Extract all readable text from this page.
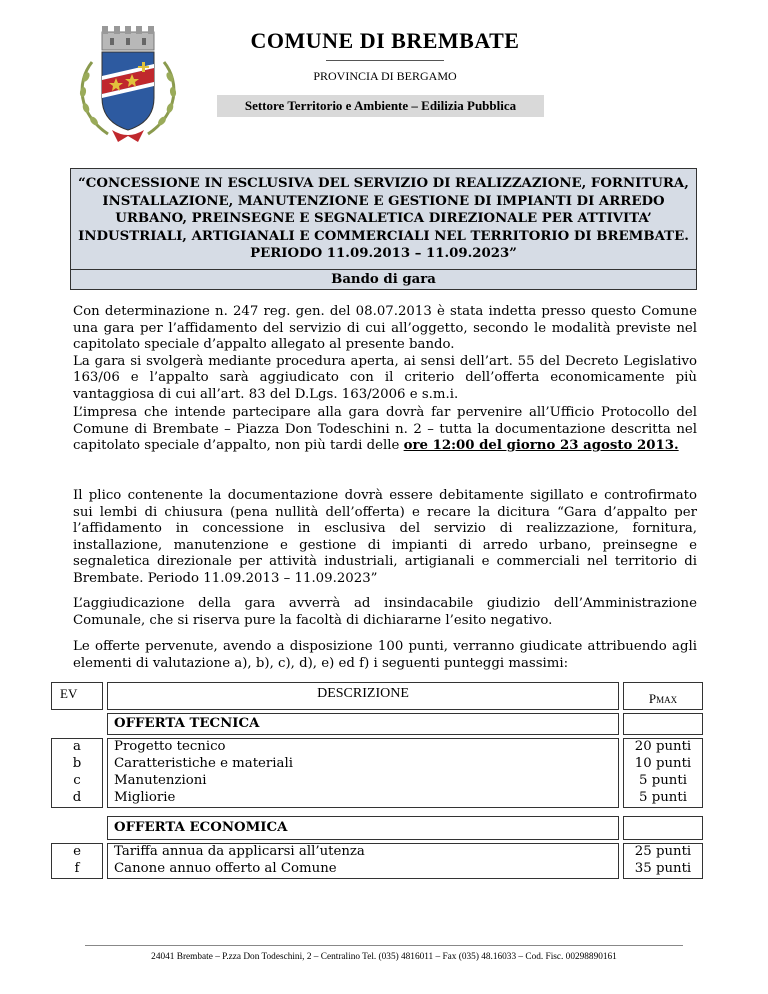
COMUNE DI BREMBATE
PROVINCIA DI BERGAMO
Settore Territorio e Ambiente – Edilizia Pubblica
“CONCESSIONE IN ESCLUSIVA DEL SERVIZIO DI REALIZZAZIONE, FORNITURA, INSTALLAZIONE, MANUTENZIONE E GESTIONE DI IMPIANTI DI ARREDO URBANO, PREINSEGNE E SEGNALETICA DIREZIONALE PER ATTIVITA’ INDUSTRIALI, ARTIGIANALI E COMMERCIALI NEL TERRITORIO DI BREMBATE. PERIODO 11.09.2013 – 11.09.2023”
Bando di gara

Con determinazione n. 247 reg. gen. del 08.07.2013 è stata indetta presso questo Comune una gara per l’affidamento del servizio di cui all’oggetto, secondo le modalità previste nel capitolato speciale d’appalto allegato al presente bando.

La gara si svolgerà mediante procedura aperta, ai sensi dell’art. 55 del Decreto Legislativo 163/06 e l’appalto sarà aggiudicato con il criterio dell’offerta economicamente più vantaggiosa di cui all’art. 83 del D.Lgs. 163/2006 e s.m.i.

L’impresa che intende partecipare alla gara dovrà far pervenire all’Ufficio Protocollo del Comune di Brembate – Piazza Don Todeschini n. 2 – tutta la documentazione descritta nel capitolato speciale d’appalto, non più tardi delle ore 12:00 del giorno 23 agosto 2013.
Il plico contenente la documentazione dovrà essere debitamente sigillato e controfirmato sui lembi di chiusura (pena nullità dell’offerta) e recare la dicitura “Gara d’appalto per l’affidamento in concessione in esclusiva del servizio di realizzazione, fornitura, installazione, manutenzione e gestione di impianti di arredo urbano, preinsegne e segnaletica direzionale per attività industriali, artigianali e commerciali nel territorio di Brembate. Periodo 11.09.2013 – 11.09.2023”
L’aggiudicazione della gara avverrà ad insindacabile giudizio dell’Amministrazione Comunale, che si riserva pure la facoltà di dichiararne l’esito negativo.
Le offerte pervenute, avendo a disposizione 100 punti, verranno giudicate attribuendo agli elementi di valutazione a), b), c), d), e) ed f) i seguenti punteggi massimi:
EV	DESCRIZIONE	$P_{MAX}$
OFFERTA TECNICA
a
b
c
d
Progetto tecnico
Caratteristiche e materiali
Manutenzioni
Migliorie
20 punti
10 punti
5 punti
5 punti
OFFERTA ECONOMICA
e
f
Tariffa annua da applicarsi all’utenza
Canone annuo offerto al Comune
25 punti
35 punti
24041 Brembate – P.zza Don Todeschini, 2 – Centralino Tel. (035) 4816011 – Fax (035) 48.16033 – Cod. Fisc. 00298890161
